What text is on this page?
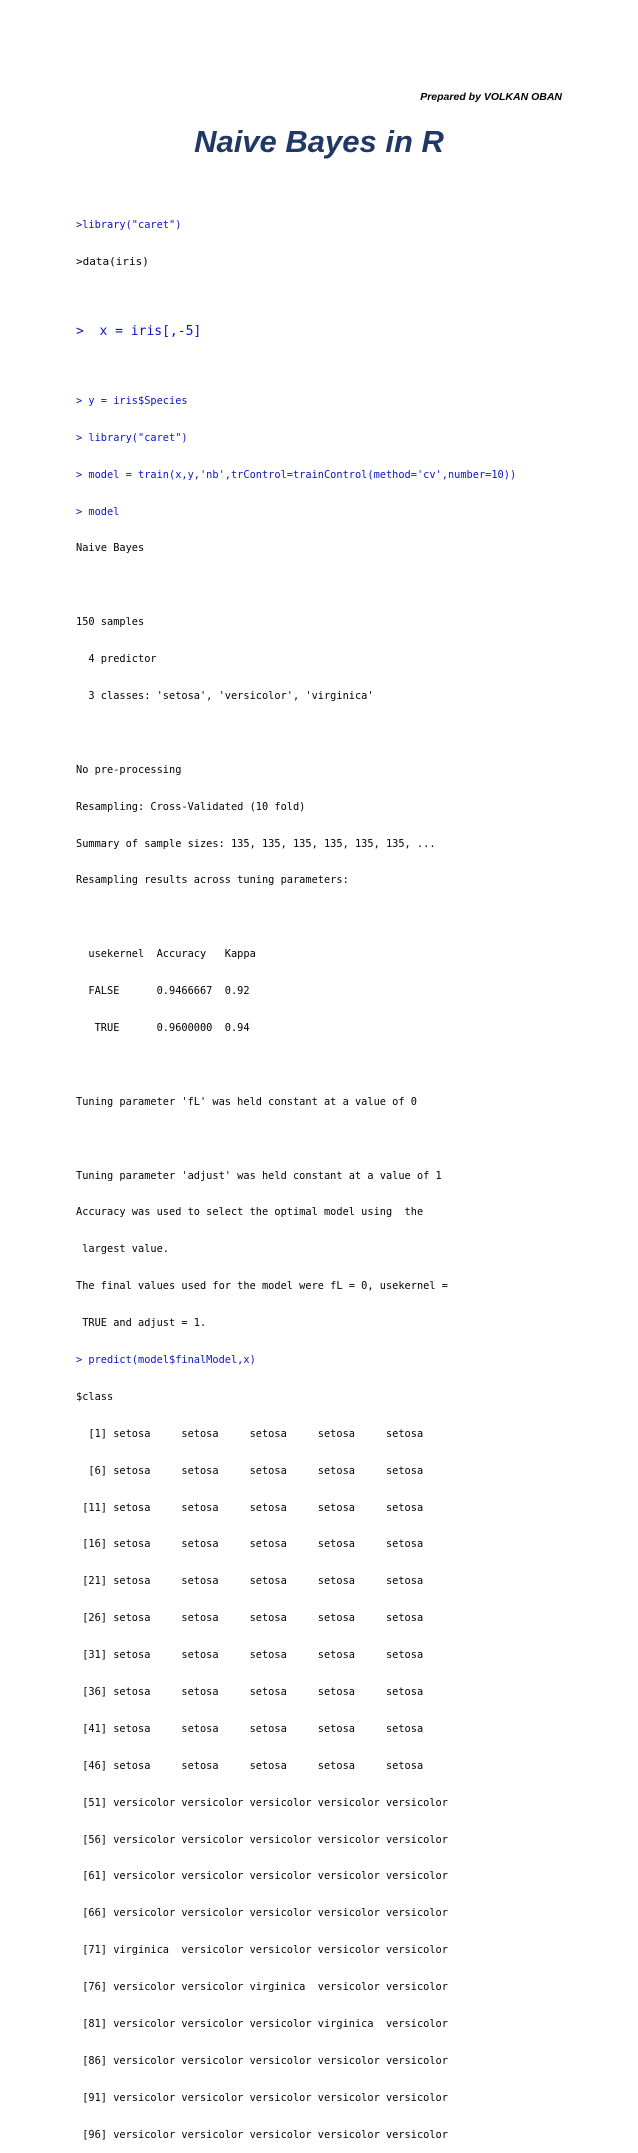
Prepared by VOLKAN OBAN
Naive Bayes in R

>library("caret")

>data(iris)

>  x = iris[,-5]

> y = iris$Species

> library("caret")

> model = train(x,y,'nb',trControl=trainControl(method='cv',number=10))

> model

Naive Bayes

150 samples

4 predictor

3 classes: 'setosa', 'versicolor', 'virginica'

No pre-processing

Resampling: Cross-Validated (10 fold)

Summary of sample sizes: 135, 135, 135, 135, 135, 135, ...

Resampling results across tuning parameters:

usekernel  Accuracy   Kappa

FALSE      0.9466667  0.92

TRUE      0.9600000  0.94

Tuning parameter 'fL' was held constant at a value of 0

Tuning parameter 'adjust' was held constant at a value of 1

Accuracy was used to select the optimal model using  the

largest value.

The final values used for the model were fL = 0, usekernel =

TRUE and adjust = 1.

> predict(model$finalModel,x)

$class

[1] setosa     setosa     setosa     setosa     setosa

[6] setosa     setosa     setosa     setosa     setosa

[11] setosa     setosa     setosa     setosa     setosa

[16] setosa     setosa     setosa     setosa     setosa

[21] setosa     setosa     setosa     setosa     setosa

[26] setosa     setosa     setosa     setosa     setosa

[31] setosa     setosa     setosa     setosa     setosa

[36] setosa     setosa     setosa     setosa     setosa

[41] setosa     setosa     setosa     setosa     setosa

[46] setosa     setosa     setosa     setosa     setosa

[51] versicolor versicolor versicolor versicolor versicolor

[56] versicolor versicolor versicolor versicolor versicolor

[61] versicolor versicolor versicolor versicolor versicolor

[66] versicolor versicolor versicolor versicolor versicolor

[71] virginica  versicolor versicolor versicolor versicolor

[76] versicolor versicolor virginica  versicolor versicolor

[81] versicolor versicolor versicolor virginica  versicolor

[86] versicolor versicolor versicolor versicolor versicolor

[91] versicolor versicolor versicolor versicolor versicolor

[96] versicolor versicolor versicolor versicolor versicolor
